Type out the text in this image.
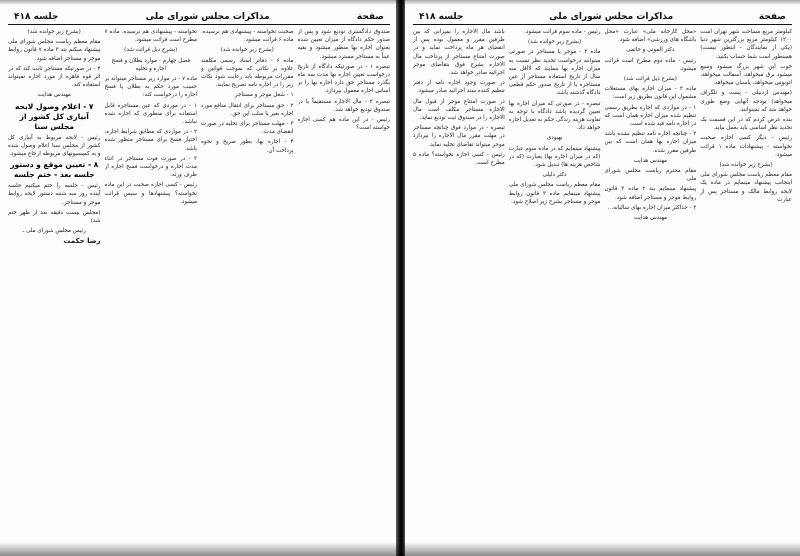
صفحة
مذاکرات مجلس شورای ملی
جلسه ۴۱۸

صندوق دادگستری تودیع شود و پس از صدور حکم دادگاه از میزان تعیین شده بعنوان اجاره بها منظور میشود و بقیه عیناً به مستاجر مسترد میشود.

تبصره ۱ - در صورتیکه دادگاه از تاریخ درخواست تعیین اجاره بها مدت سه ماه بگذرد مستاجر حق دارد اجاره بها را بر اساس اجاره معمول بپردازد.

تبصره ۲ - مال الاجاره مستقیماً یا در صندوق تودیع خواهد شد.

رئیس - در این ماده هم کسی اجازه خواسته است؟

صحبت نخواسته - پیشنهادی هم نرسیده. ماده ۶ قرائت میشود.

(بشرح زیر خوانده شد)

ماده ۶ - دفاتر اسناد رسمی مکلفند علاوه بر نکاتی که بموجب قوانین و مقررات مربوطه باید رعایت شود نکات زیر را در اجاره نامه تصریح نمایند.

۱ - شغل موجر و مستاجر

۲ - حق مستاجر برای انتقال منافع مورد اجاره بغیر یا سلب این حق.

۳ - مهلت مستاجر برای تخلیه در صورت انقضای مدت.

۴ - اجاره بها، بطور صریح و نحوه پرداخت آن.

تخواسته - پیشنهادی هم نرسیده. ماده ۷ مطرح است قرائت میشود.

(بشرح ذیل قرائت شد)

فصل چهارم - موارد بطلان و فسخ اجاره و تخلیه

ماده ۷ - در موارد زیر مستاجر میتواند بر حسب مورد حکم به بطلان یا فسخ اجاره را درخواست کند:

۱ - در موردی که عین مستاجره قابل استفاده برای منظوری که اجاره شده نباشد.

۲ - در مواردی که مطابق شرایط اجاره، اختیار فسخ برای مستاجر منظور شده باشد.

۳ - در صورت فوت مستاجر در اثناء مدت اجاره و درخواست فسخ اجاره از طرف ورثه.

رئیس - کسی اجازه صحبت در این ماده نخواسته؟ پیشنهادها و سپس قرائت میشود.

(بشرح زیر خوانده شد)

مقام معظم ریاست مجلس شورای ملی پیشنهاد میکنم بند ۳ ماده ۷ قانون روابط موجر و مستاجر اضافه شود.

۴ - در صورتیکه مستاجر ثابت کند که در اثر قوه قاهره از مورد اجاره نمیتواند استفاده کند.

مهندس هدایت

۷ - اعلام وصول لایحه آبیاری کل کشور از مجلس سنا

رئیس - لایحه مربوط به آبیاری کل کشور از مجلس سنا اعلام وصول شده و به کمیسیونهای مربوطه ارجاع میشود.

۸ - تعیین موقع و دستور جلسه بعد - ختم جلسه

رئیس - جلسه را ختم میکنیم جلسه آینده روز سه شنبه دستور لایحه روابط موجر و مستاجر.

(مجلس بیست دقیقه بعد از ظهر ختم شد)

رئیس مجلس شورای ملی ـ

رضا حکمت

صفحة
مذاکرات مجلس شورای ملی
جلسه ۴۱۸

کیلومتر مربع مساحت شهر تهران است ۱۲۰۰ کیلومتر مربع بزرگترین شهر دنیا (یکی از نمایندگان - اینطور نیست) همینطور است شما حساب بکنید.

خوب این شهر بزرگ میشود وسیع میشود برق میخواهد، آسفالت میخواهد، اتوبوس میخواهد، پاسبان میخواهد.

(مهندس اردبیلی - پست و تلگراف میخواهد) بودجه آنهایی وضع طوری خواهد شد که نمیتوانند.

بنده عرض کردم که در این قسمت یک تجدید نظر اساسی باید بعمل بیاید.

رئیس - دیگر کسی اجازه صحبت نخواسته - پیشنهادات ماده ۱ قرائت میشود.

(بشرح زیر خوانده شد)

مقام معظم ریاست مجلس شورای ملی اینجانب پیشنهاد مینمایم در ماده یک لایحه روابط مالک و مستاجر پس از عبارت

«محل کارخانه ملی» عبارت «محل باشگاه های ورزشی» اضافه شود.

دکتر الموتی و حاتمی

رئیس - ماده دوم مطرح است قرائت میشود.

(بشرح ذیل قرائت شد)

ماده ۲ - میزان اجاره بهای مستغلات مشمول این قانون بطریق زیر است:

۱ - در مواردی که اجاره بطریق رسمی تنظیم شده میزان اجاره همان است که در اجاره نامه قید شده است.

۲ - چنانچه اجاره نامه تنظیم نشده باشد میزان اجاره بها همان است که بین طرفین مقرر شده.

مهندس هدایت

مقام محترم ریاست مجلس شورای ملی

پیشنهاد مینمایم بند ۲ ماده ۳ قانون روابط موجر و مستاجر اضافه شود.

۳ - حداکثر میزان اجاره بهای سالیانه...

مهندس هدایت

رئیس - ماده سوم قرائت میشود.

(بشرح زیر خوانده شد)

ماده ۳ - موجر یا مستاجر در صورتی میتوانند درخواست تجدید نظر نسبت به میزان اجاره بها بنمایند که لااقل سه سال از تاریخ استفاده مستاجر از عین مستاجره یا از تاریخ صدور حکم قطعی دادگاه گذشته باشد.

تبصره - در صورتی که میزان اجاره بها تعیین گردیده باشد دادگاه با توجه به تفاوت هزینه زندگی حکم به تعدیل اجاره خواهد داد.

بهبودی

پیشنهاد مینمایم که در ماده سوم عبارت (که در میزان اجاره بها) بعبارت (که در شاخص هزینه ها) تبدیل شود.

دکتر دلیلی

مقام معظم ریاست مجلس شورای ملی پیشنهاد مینمایم ماده ۳ قانون روابط موجر و مستاجر بشرح زیر اصلاح شود.

باشد مال الاجاره را بمیزانی که بین طرفین مقرر و معمول بوده پس از انقضای هر ماه پرداخت نماید و در صورت امتناع مستاجر از پرداخت مال الاجاره بشرح فوق بتقاضای موجر اجرائیه صادر خواهد شد.

در صورت وجود اجاره نامه از دفتر تنظیم کننده سند اجرائیه صادر میشود.

در صورت امتناع موجر از قبول مال الاجاره مستاجر مکلف است مال الاجاره را در صندوق ثبت تودیع نماید.

تبصره - در موارد فوق چنانچه مستاجر در مهلت مقرر مال الاجاره را نپردازد موجر میتواند تقاضای تخلیه نماید.

رئیس - کسی اجازه نخواسته؟ ماده ۵ مطرح است.
